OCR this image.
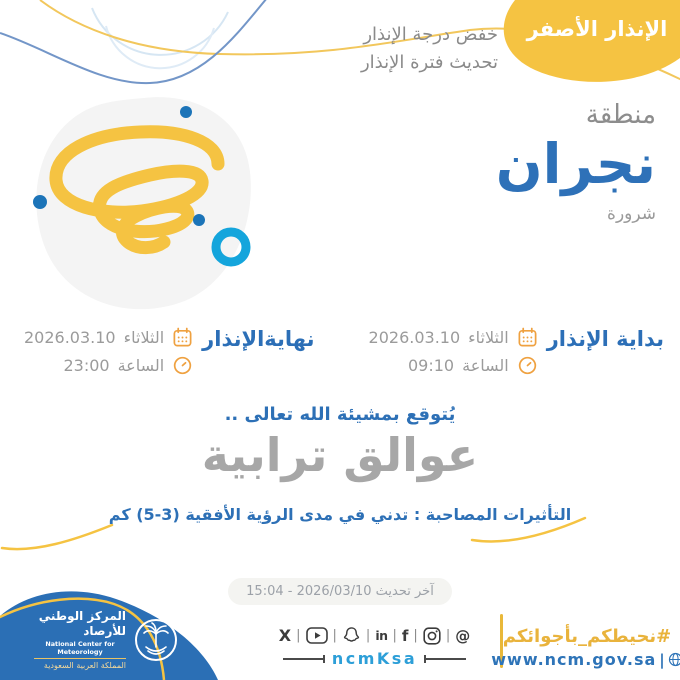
الإنذار الأصفر
خفض درجة الإنذار
تحديث فترة الإنذار
منطقة
نجران
شرورة
بداية الإنذار
الثلاثاء
2026.03.10
الساعة
09:10
نهايةالإنذار
الثلاثاء
2026.03.10
الساعة
23:00
يُتوقع بمشيئة الله تعالى ..
عوالق ترابية
التأثيرات المصاحبة : تدني في مدى الرؤية الأفقية (3-5) كم
آخر تحديث 2026/03/10 - 15:04
المركز الوطني للأرصاد
National Center for Meteorology
المملكة العربية السعودية
X | | | in | f | | @
ncmKsa
#نحيطكم_بأجوائكم
www.ncm.gov.sa |
